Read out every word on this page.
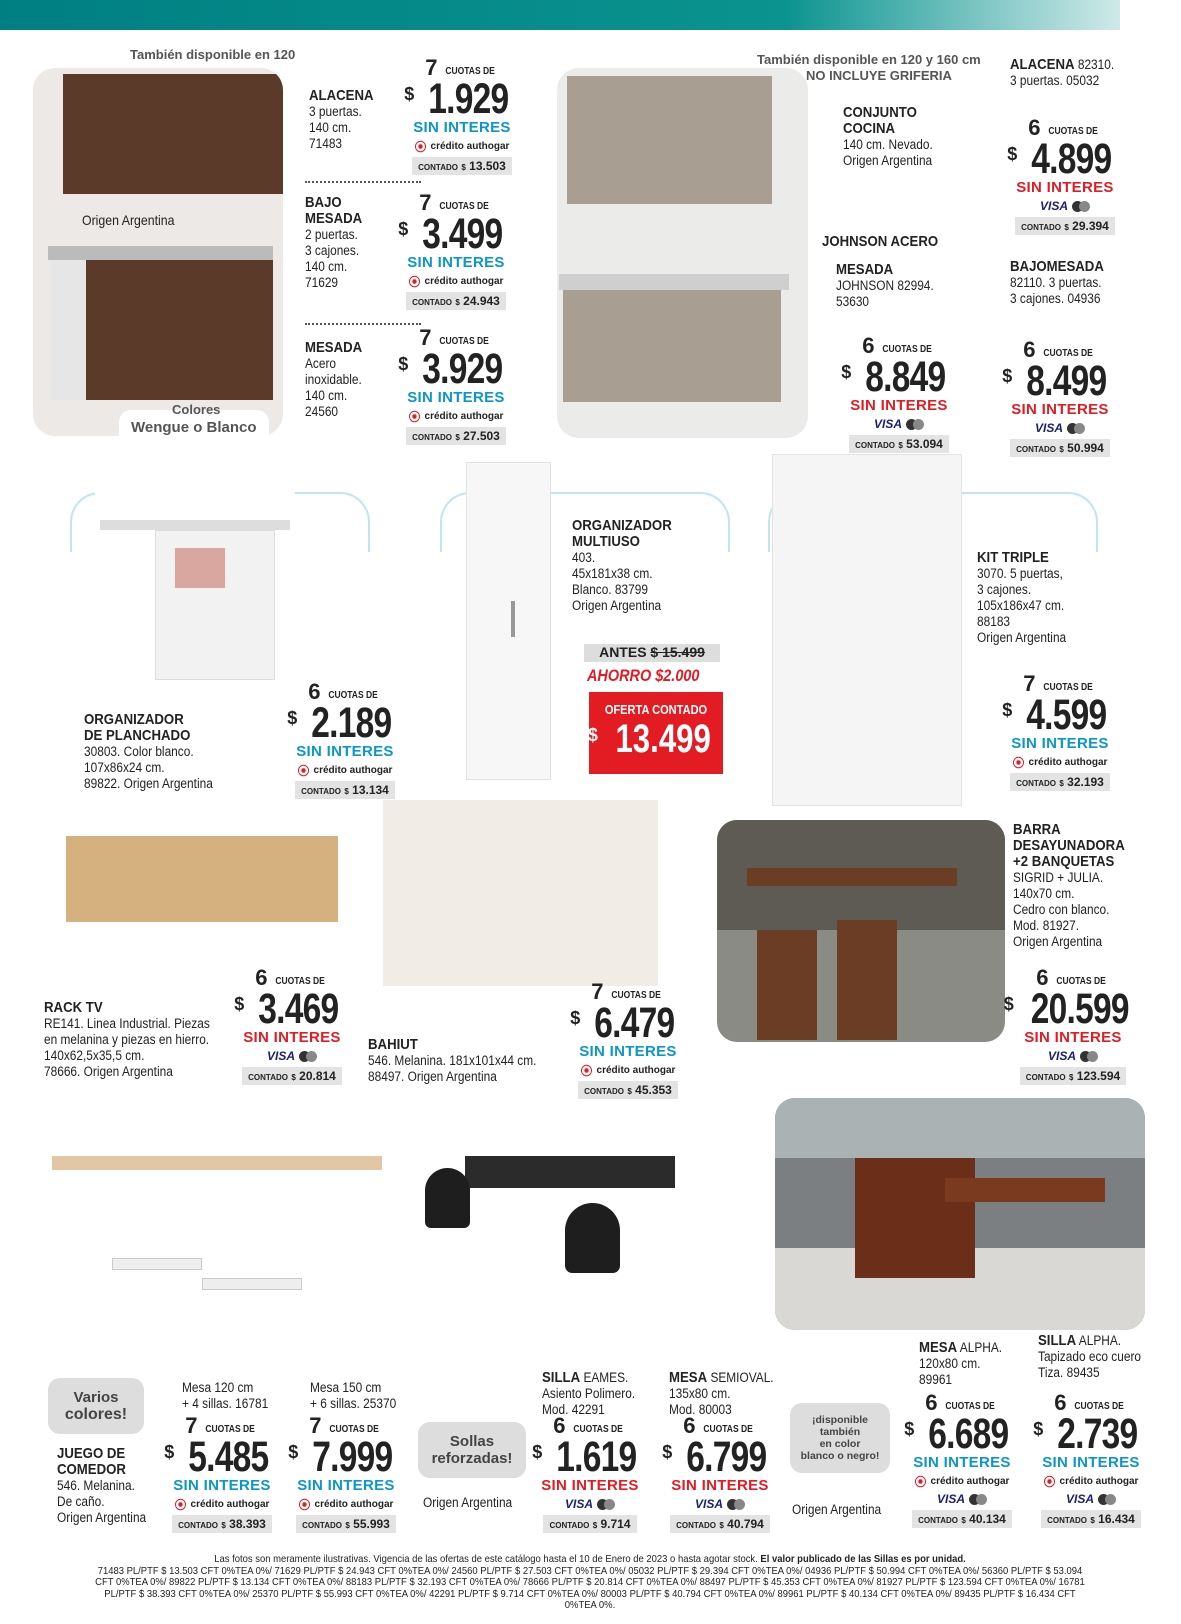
También disponible en 120
Origen Argentina
Colores
Wengue o Blanco
También disponible en 120 y 160 cm
NO INCLUYE GRIFERIA
ALACENA
3 puertas.
140 cm.
71483
BAJO
MESADA
2 puertas.
3 cajones.
140 cm.
71629
MESADA
Acero
inoxidable.
140 cm.
24560
CONJUNTO
COCINA
140 cm. Nevado.
Origen Argentina
ALACENA 82310.
3 puertas. 05032
JOHNSON ACERO
MESADA
JOHNSON 82994.
53630
BAJOMESADA
82110. 3 puertas.
3 cajones. 04936
ORGANIZADOR
DE PLANCHADO
30803. Color blanco.
107x86x24 cm.
89822. Origen Argentina
ORGANIZADOR
MULTIUSO
403.
45x181x38 cm.
Blanco. 83799
Origen Argentina
ANTES $ 15.499
AHORRO $2.000
OFERTA CONTADO
$ 13.499
KIT TRIPLE
3070. 5 puertas,
3 cajones.
105x186x47 cm.
88183
Origen Argentina
RACK TV
RE141. Linea Industrial. Piezas
en melanina y piezas en hierro.
140x62,5x35,5 cm.
78666. Origen Argentina
BAHIUT
546. Melanina. 181x101x44 cm.
88497. Origen Argentina
BARRA
DESAYUNADORA
+2 BANQUETAS
SIGRID + JULIA.
140x70 cm.
Cedro con blanco.
Mod. 81927.
Origen Argentina
Varios
colores!
JUEGO DE
COMEDOR
546. Melanina.
De caño.
Origen Argentina
Mesa 120 cm
+ 4 sillas. 16781
Mesa 150 cm
+ 6 sillas. 25370
Sollas
reforzadas!
Origen Argentina
SILLA EAMES.
Asiento Polimero.
Mod. 42291
MESA SEMIOVAL.
135x80 cm.
Mod. 80003
¡disponible
también
en color
blanco o negro!
Origen Argentina
MESA ALPHA.
120x80 cm.
89961
SILLA ALPHA.
Tapizado eco cuero
Tiza. 89435
7 CUOTAS DE
$ 1.929
SIN INTERES
⦿ crédito authogar
CONTADO $ 13.503
7 CUOTAS DE
$ 3.499
SIN INTERES
⦿ crédito authogar
CONTADO $ 24.943
7 CUOTAS DE
$ 3.929
SIN INTERES
⦿ crédito authogar
CONTADO $ 27.503
6 CUOTAS DE
$ 4.899
SIN INTERES
VISA
CONTADO $ 29.394
6 CUOTAS DE
$ 8.849
SIN INTERES
VISA
CONTADO $ 53.094
6 CUOTAS DE
$ 8.499
SIN INTERES
VISA
CONTADO $ 50.994
6 CUOTAS DE
$ 2.189
SIN INTERES
⦿ crédito authogar
CONTADO $ 13.134
7 CUOTAS DE
$ 4.599
SIN INTERES
⦿ crédito authogar
CONTADO $ 32.193
6 CUOTAS DE
$ 3.469
SIN INTERES
VISA
CONTADO $ 20.814
7 CUOTAS DE
$ 6.479
SIN INTERES
⦿ crédito authogar
CONTADO $ 45.353
6 CUOTAS DE
$ 20.599
SIN INTERES
VISA
CONTADO $ 123.594
7 CUOTAS DE
$ 5.485
SIN INTERES
⦿ crédito authogar
CONTADO $ 38.393
7 CUOTAS DE
$ 7.999
SIN INTERES
⦿ crédito authogar
CONTADO $ 55.993
6 CUOTAS DE
$ 1.619
SIN INTERES
VISA
CONTADO $ 9.714
6 CUOTAS DE
$ 6.799
SIN INTERES
VISA
CONTADO $ 40.794
6 CUOTAS DE
$ 6.689
SIN INTERES
⦿ crédito authogar
VISA
CONTADO $ 40.134
6 CUOTAS DE
$ 2.739
SIN INTERES
⦿ crédito authogar
VISA
CONTADO $ 16.434
Las fotos son meramente ilustrativas. Vigencia de las ofertas de este catálogo hasta el 10 de Enero de 2023 o hasta agotar stock. El valor publicado de las Sillas es por unidad.
71483 PL/PTF $ 13.503 CFT 0%TEA 0%/ 71629 PL/PTF $ 24.943 CFT 0%TEA 0%/ 24560 PL/PTF $ 27.503 CFT 0%TEA 0%/ 05032 PL/PTF $ 29.394 CFT 0%TEA 0%/ 04936 PL/PTF $ 50.994 CFT 0%TEA 0%/ 56360 PL/PTF $ 53.094
CFT 0%TEA 0%/ 89822 PL/PTF $ 13.134 CFT 0%TEA 0%/ 88183 PL/PTF $ 32.193 CFT 0%TEA 0%/ 78666 PL/PTF $ 20.814 CFT 0%TEA 0%/ 88497 PL/PTF $ 45.353 CFT 0%TEA 0%/ 81927 PL/PTF $ 123.594 CFT 0%TEA 0%/ 16781
PL/PTF $ 38.393 CFT 0%TEA 0%/ 25370 PL/PTF $ 55.993 CFT 0%TEA 0%/ 42291 PL/PTF $ 9.714 CFT 0%TEA 0%/ 80003 PL/PTF $ 40.794 CFT 0%TEA 0%/ 89961 PL/PTF $ 40.134 CFT 0%TEA 0%/ 89435 PL/PTF $ 16.434 CFT 0%TEA 0%.
